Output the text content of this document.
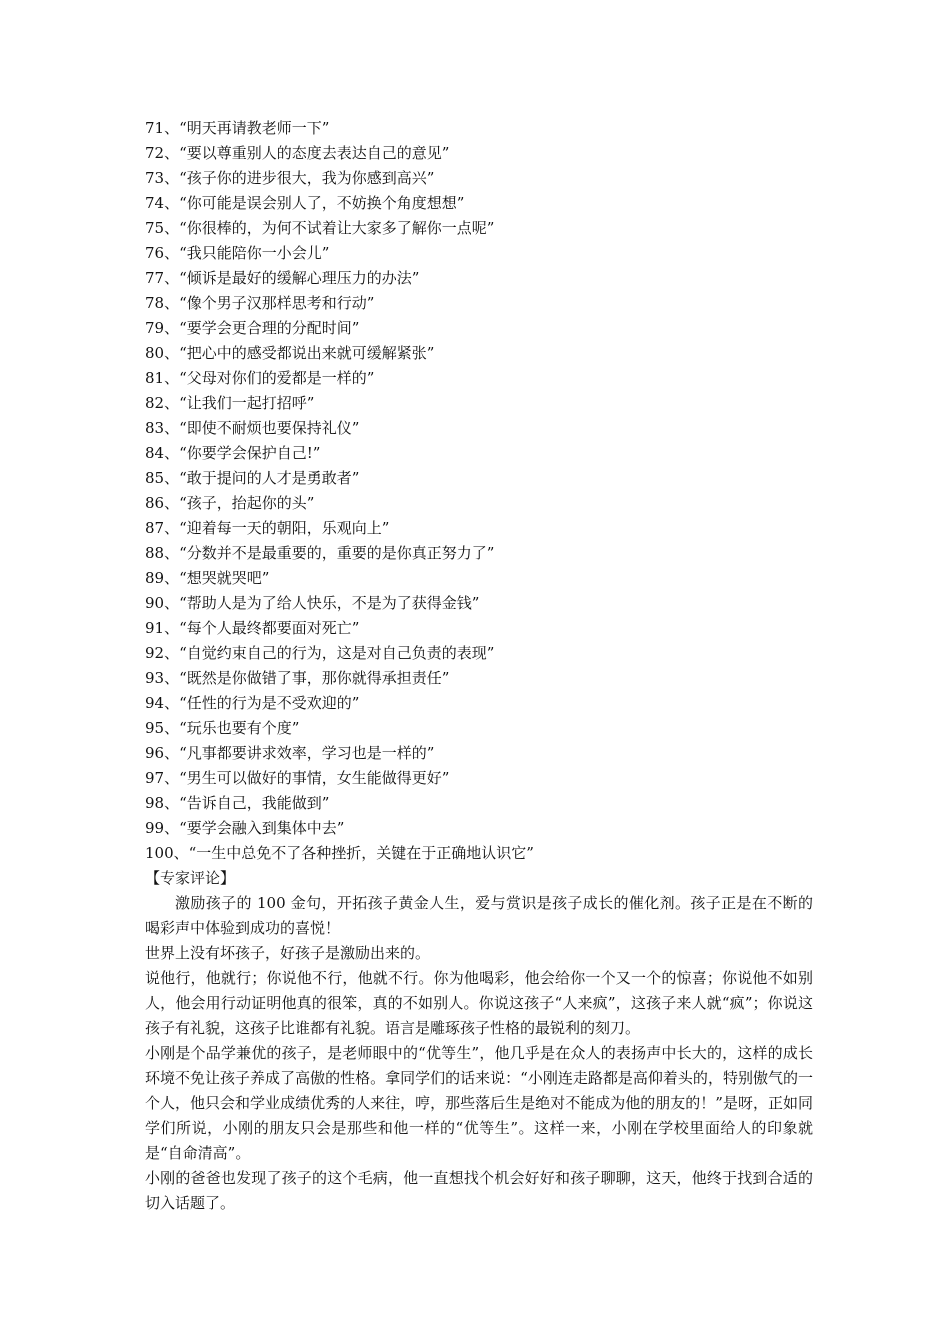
71、“明天再请教老师一下”
72、“要以尊重别人的态度去表达自己的意见”
73、“孩子你的进步很大，我为你感到高兴”
74、“你可能是误会别人了，不妨换个角度想想”
75、“你很棒的，为何不试着让大家多了解你一点呢”
76、“我只能陪你一小会儿”
77、“倾诉是最好的缓解心理压力的办法”
78、“像个男子汉那样思考和行动”
79、“要学会更合理的分配时间”
80、“把心中的感受都说出来就可缓解紧张”
81、“父母对你们的爱都是一样的”
82、“让我们一起打招呼”
83、“即使不耐烦也要保持礼仪”
84、“你要学会保护自己!”
85、“敢于提问的人才是勇敢者”
86、“孩子，抬起你的头”
87、“迎着每一天的朝阳，乐观向上”
88、“分数并不是最重要的，重要的是你真正努力了”
89、“想哭就哭吧”
90、“帮助人是为了给人快乐，不是为了获得金钱”
91、“每个人最终都要面对死亡”
92、“自觉约束自己的行为，这是对自己负责的表现”
93、“既然是你做错了事，那你就得承担责任”
94、“任性的行为是不受欢迎的”
95、“玩乐也要有个度”
96、“凡事都要讲求效率，学习也是一样的”
97、“男生可以做好的事情，女生能做得更好”
98、“告诉自己，我能做到”
99、“要学会融入到集体中去”
100、“一生中总免不了各种挫折，关键在于正确地认识它”
【专家评论】

激励孩子的 100 金句，开拓孩子黄金人生，爱与赏识是孩子成长的催化剂。孩子正是在不断的喝彩声中体验到成功的喜悦！

世界上没有坏孩子，好孩子是激励出来的。

说他行，他就行；你说他不行，他就不行。你为他喝彩，他会给你一个又一个的惊喜；你说他不如别人，他会用行动证明他真的很笨，真的不如别人。你说这孩子“人来疯”，这孩子来人就“疯”；你说这孩子有礼貌，这孩子比谁都有礼貌。语言是雕琢孩子性格的最锐利的刻刀。

小刚是个品学兼优的孩子，是老师眼中的“优等生”，他几乎是在众人的表扬声中长大的，这样的成长环境不免让孩子养成了高傲的性格。拿同学们的话来说：“小刚连走路都是高仰着头的，特别傲气的一个人，他只会和学业成绩优秀的人来往，哼，那些落后生是绝对不能成为他的朋友的！”是呀，正如同学们所说，小刚的朋友只会是那些和他一样的“优等生”。这样一来，小刚在学校里面给人的印象就是“自命清高”。

小刚的爸爸也发现了孩子的这个毛病，他一直想找个机会好好和孩子聊聊，这天，他终于找到合适的切入话题了。
